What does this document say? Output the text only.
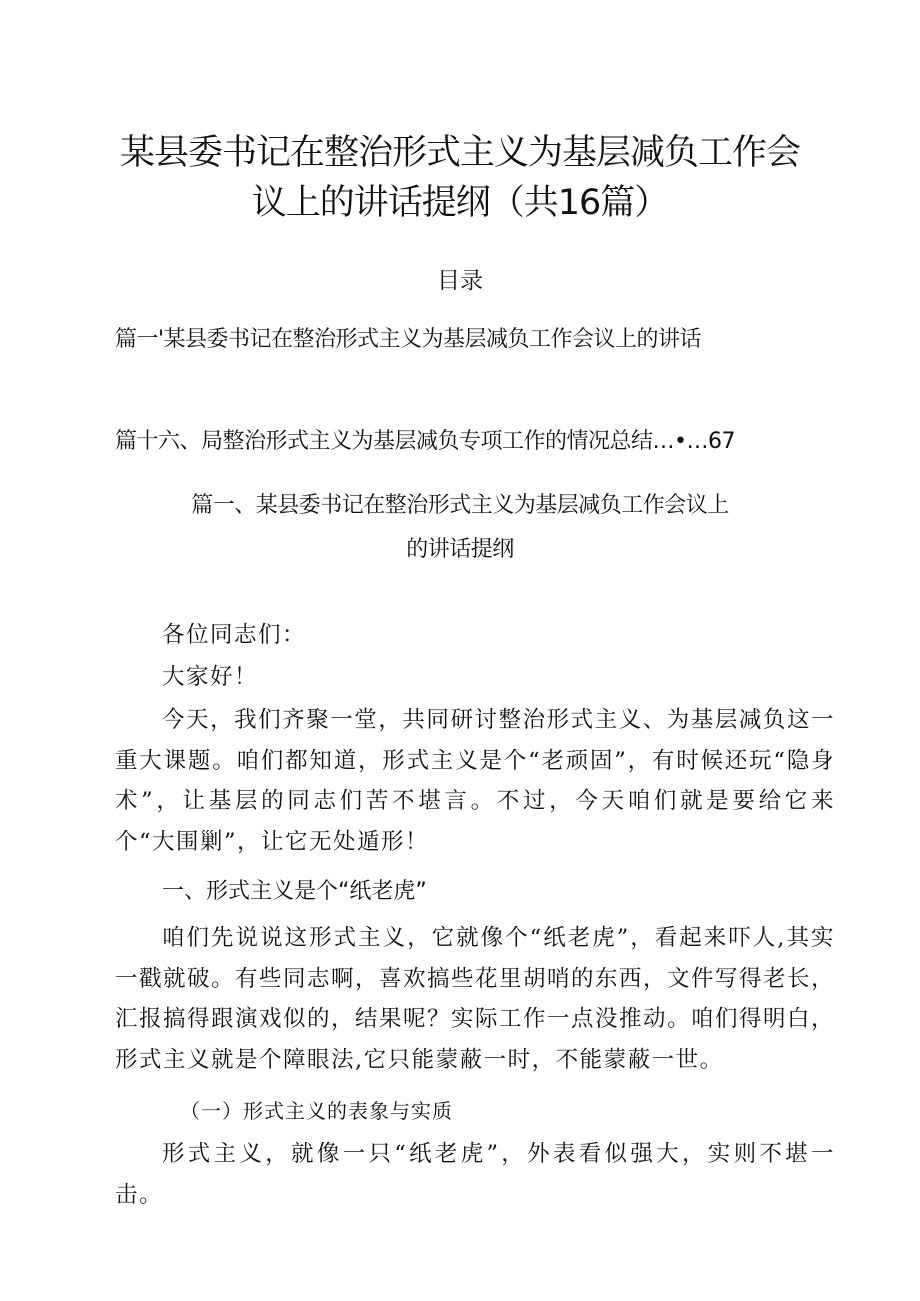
某县委书记在整治形式主义为基层减负工作会
议上的讲话提纲（共16篇）
目录
篇一'某县委书记在整治形式主义为基层减负工作会议上的讲话
篇十六、局整治形式主义为基层减负专项工作的情况总结…•…67
篇一、某县委书记在整治形式主义为基层减负工作会议上
的讲话提纲
各位同志们：
大家好！
今天，我们齐聚一堂，共同研讨整治形式主义、为基层减负这一重大课题。咱们都知道，形式主义是个“老顽固”，有时候还玩“隐身术”，让基层的同志们苦不堪言。不过，今天咱们就是要给它来个“大围剿”，让它无处遁形！
一、形式主义是个“纸老虎”
咱们先说说这形式主义，它就像个“纸老虎”，看起来吓人,其实一戳就破。有些同志啊，喜欢搞些花里胡哨的东西，文件写得老长，汇报搞得跟演戏似的，结果呢？实际工作一点没推动。咱们得明白，形式主义就是个障眼法,它只能蒙蔽一时，不能蒙蔽一世。
（一）形式主义的表象与实质
形式主义，就像一只“纸老虎”，外表看似强大，实则不堪一击。
